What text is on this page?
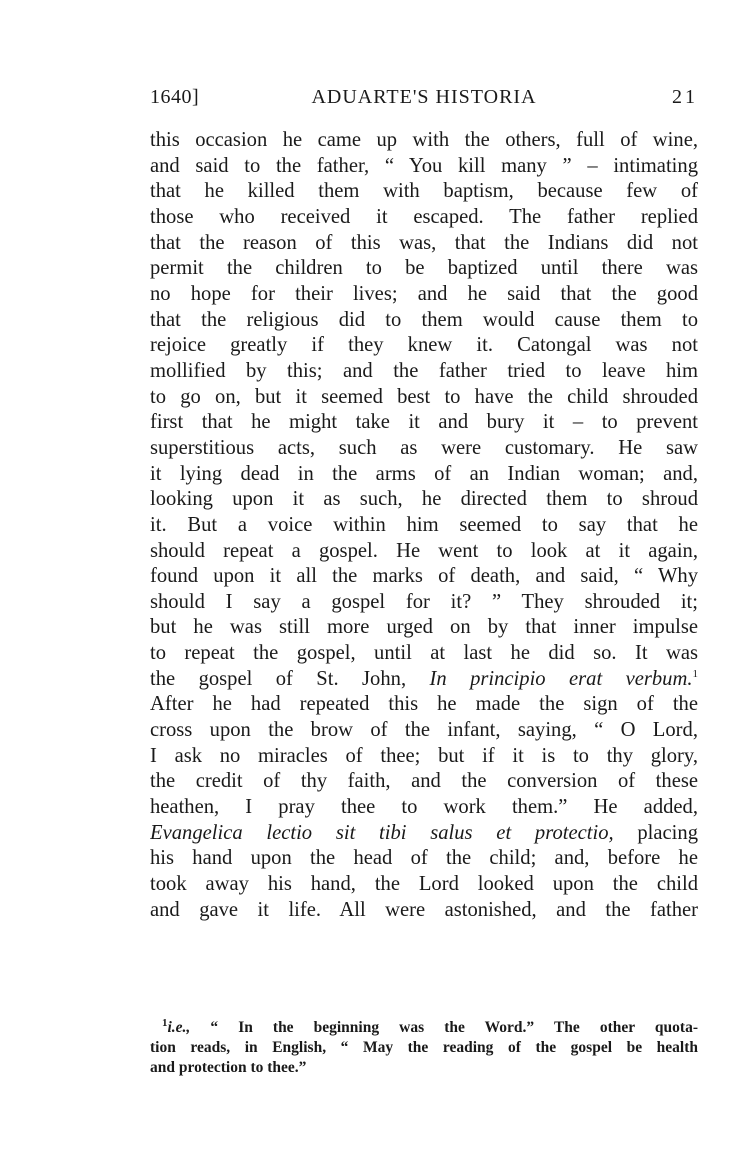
1640]	ADUARTE'S HISTORIA	21
this occasion he came up with the others, full of wine,
and said to the father, “ You kill many ” – intimating
that he killed them with baptism, because few of
those who received it escaped. The father replied
that the reason of this was, that the Indians did not
permit the children to be baptized until there was
no hope for their lives; and he said that the good
that the religious did to them would cause them to
rejoice greatly if they knew it. Catongal was not
mollified by this; and the father tried to leave him
to go on, but it seemed best to have the child shrouded
first that he might take it and bury it – to prevent
superstitious acts, such as were customary. He saw
it lying dead in the arms of an Indian woman; and,
looking upon it as such, he directed them to shroud
it. But a voice within him seemed to say that he
should repeat a gospel. He went to look at it again,
found upon it all the marks of death, and said, “ Why
should I say a gospel for it? ” They shrouded it;
but he was still more urged on by that inner impulse
to repeat the gospel, until at last he did so. It was
the gospel of St. John, In principio erat verbum.$^1$
After he had repeated this he made the sign of the
cross upon the brow of the infant, saying, “ O Lord,
I ask no miracles of thee; but if it is to thy glory,
the credit of thy faith, and the conversion of these
heathen, I pray thee to work them.” He added,
Evangelica lectio sit tibi salus et protectio, placing
his hand upon the head of the child; and, before he
took away his hand, the Lord looked upon the child
and gave it life. All were astonished, and the father
$^1$i.e., “ In the beginning was the Word.” The other quota-
tion reads, in English, “ May the reading of the gospel be health
and protection to thee.”
